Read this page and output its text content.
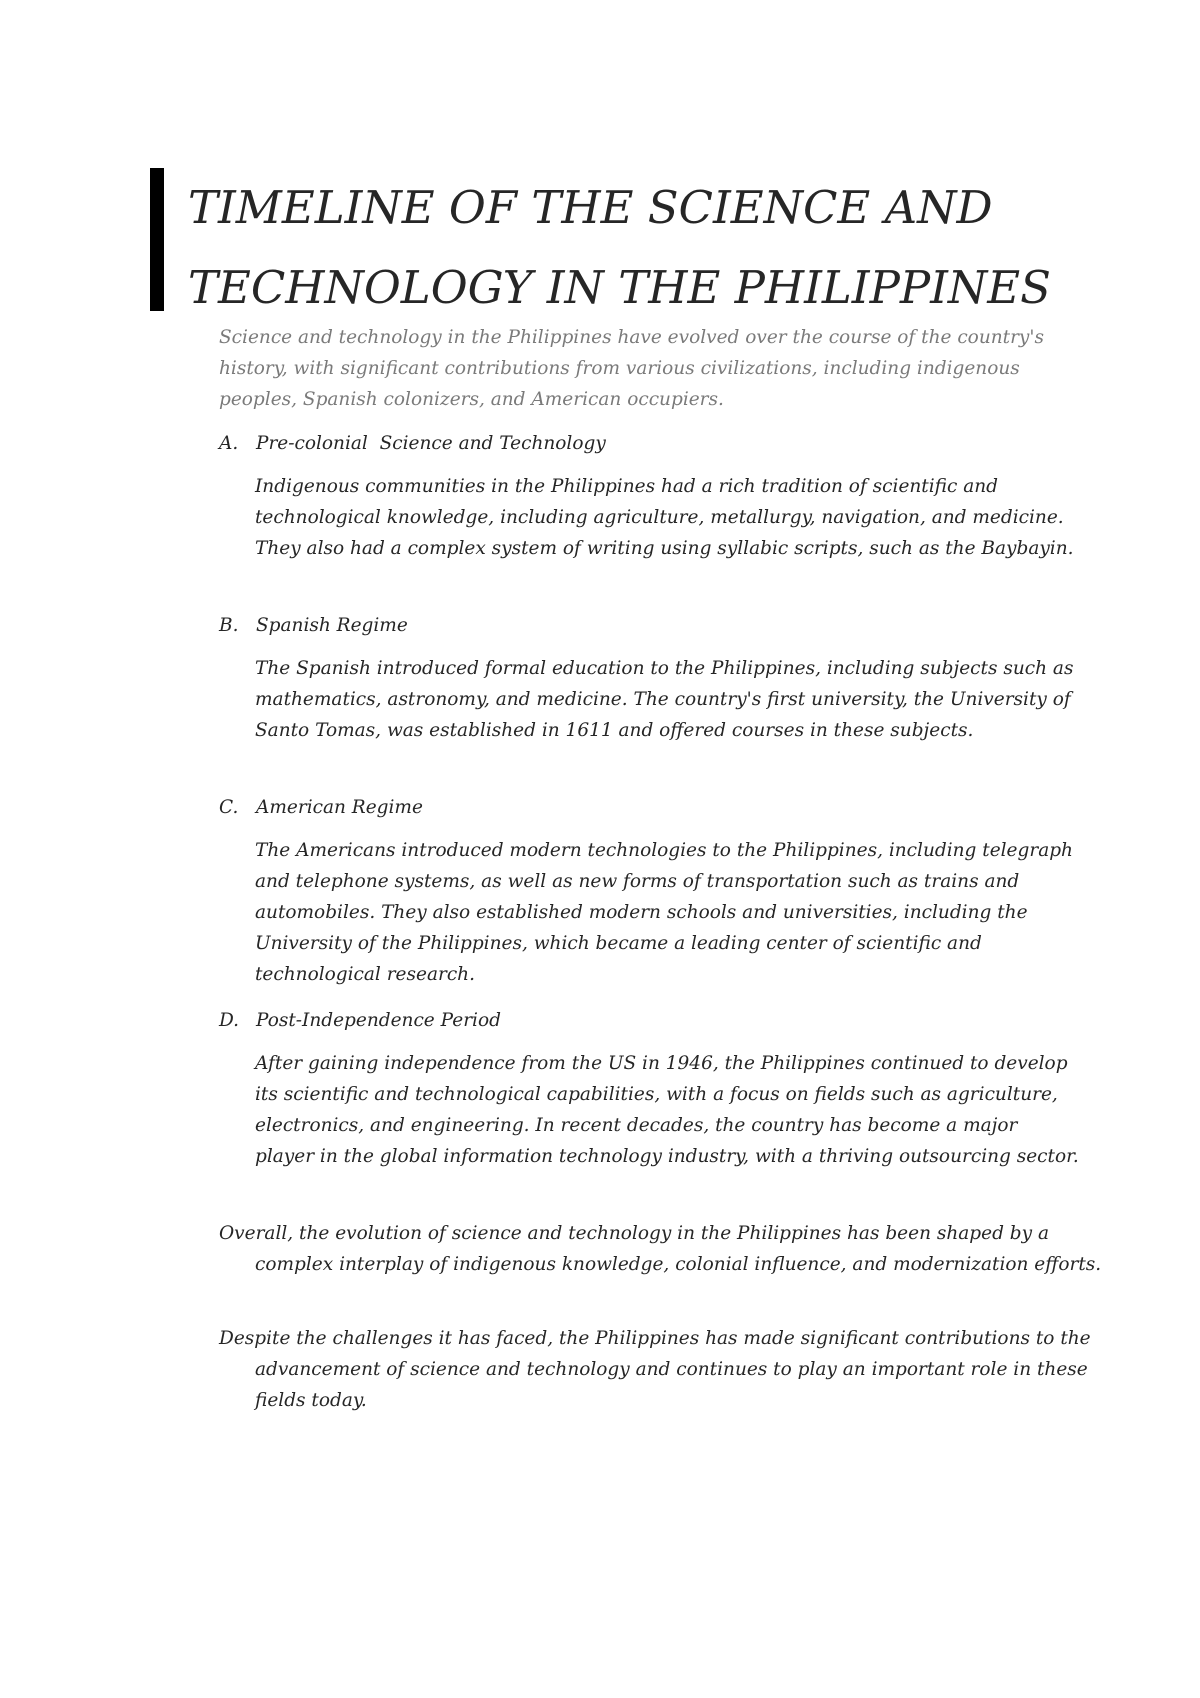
TIMELINE OF THE SCIENCE AND
TECHNOLOGY IN THE PHILIPPINES

Science and technology in the Philippines have evolved over the course of the country's history, with significant contributions from various civilizations, including indigenous peoples, Spanish colonizers, and American occupiers.

A. Pre-colonial  Science and Technology

Indigenous communities in the Philippines had a rich tradition of scientific and technological knowledge, including agriculture, metallurgy, navigation, and medicine. They also had a complex system of writing using syllabic scripts, such as the Baybayin.

B. Spanish Regime

The Spanish introduced formal education to the Philippines, including subjects such as mathematics, astronomy, and medicine. The country's first university, the University of Santo Tomas, was established in 1611 and offered courses in these subjects.

C. American Regime

The Americans introduced modern technologies to the Philippines, including telegraph and telephone systems, as well as new forms of transportation such as trains and automobiles. They also established modern schools and universities, including the University of the Philippines, which became a leading center of scientific and technological research.

D. Post-Independence Period

After gaining independence from the US in 1946, the Philippines continued to develop its scientific and technological capabilities, with a focus on fields such as agriculture, electronics, and engineering. In recent decades, the country has become a major player in the global information technology industry, with a thriving outsourcing sector.

Overall, the evolution of science and technology in the Philippines has been shaped by a complex interplay of indigenous knowledge, colonial influence, and modernization efforts.

Despite the challenges it has faced, the Philippines has made significant contributions to the advancement of science and technology and continues to play an important role in these fields today.
